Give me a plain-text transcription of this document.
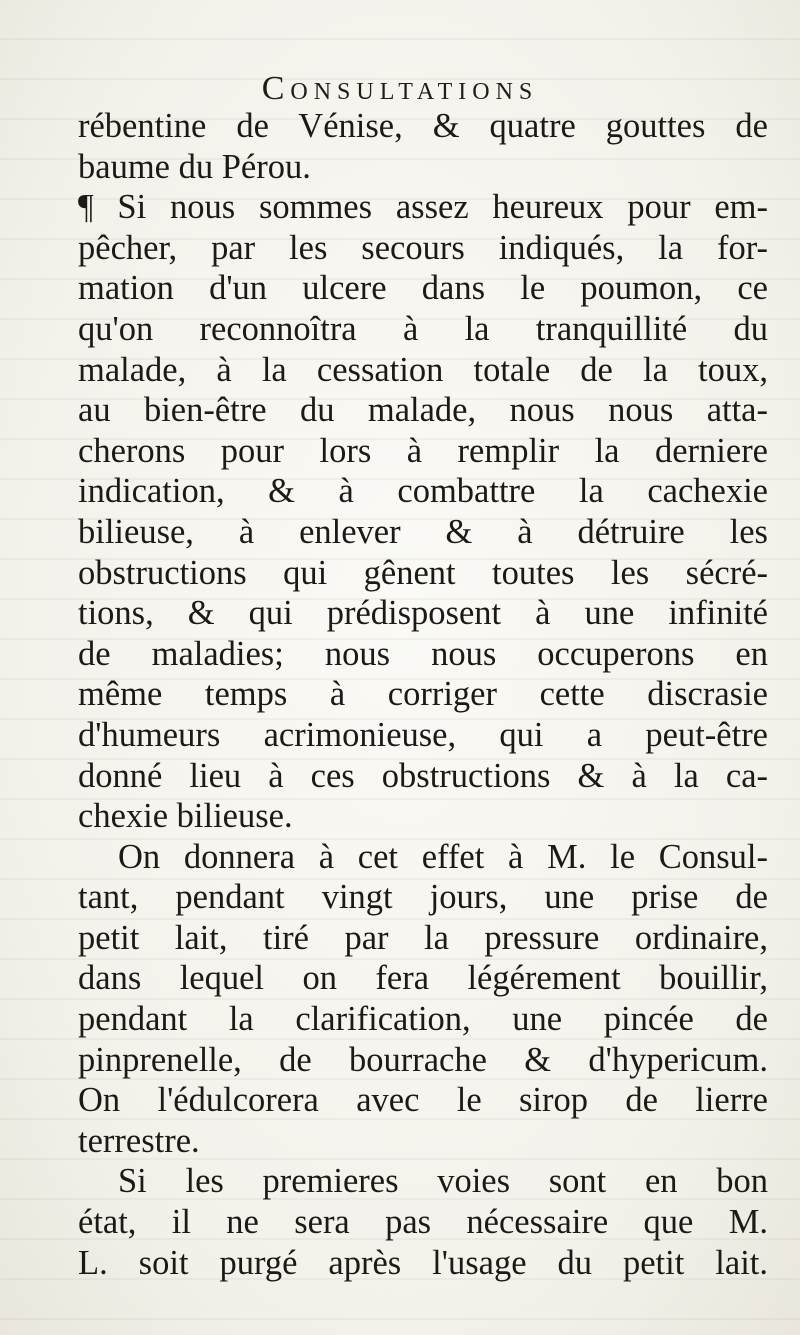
Consultations
rébentine de Vénise, & quatre gouttes de
baume du Pérou.
¶ Si nous sommes assez heureux pour em-
pêcher, par les secours indiqués, la for-
mation d'un ulcere dans le poumon, ce
qu'on reconnoîtra à la tranquillité du
malade, à la cessation totale de la toux,
au bien-être du malade, nous nous atta-
cherons pour lors à remplir la derniere
indication, & à combattre la cachexie
bilieuse, à enlever & à détruire les
obstructions qui gênent toutes les sécré-
tions, & qui prédisposent à une infinité
de maladies; nous nous occuperons en
même temps à corriger cette discrasie
d'humeurs acrimonieuse, qui a peut-être
donné lieu à ces obstructions & à la ca-
chexie bilieuse.
On donnera à cet effet à M. le Consul-
tant, pendant vingt jours, une prise de
petit lait, tiré par la pressure ordinaire,
dans lequel on fera légérement bouillir,
pendant la clarification, une pincée de
pinprenelle, de bourrache & d'hypericum.
On l'édulcorera avec le sirop de lierre
terrestre.
Si les premieres voies sont en bon
état, il ne sera pas nécessaire que M.
L. soit purgé après l'usage du petit lait.
